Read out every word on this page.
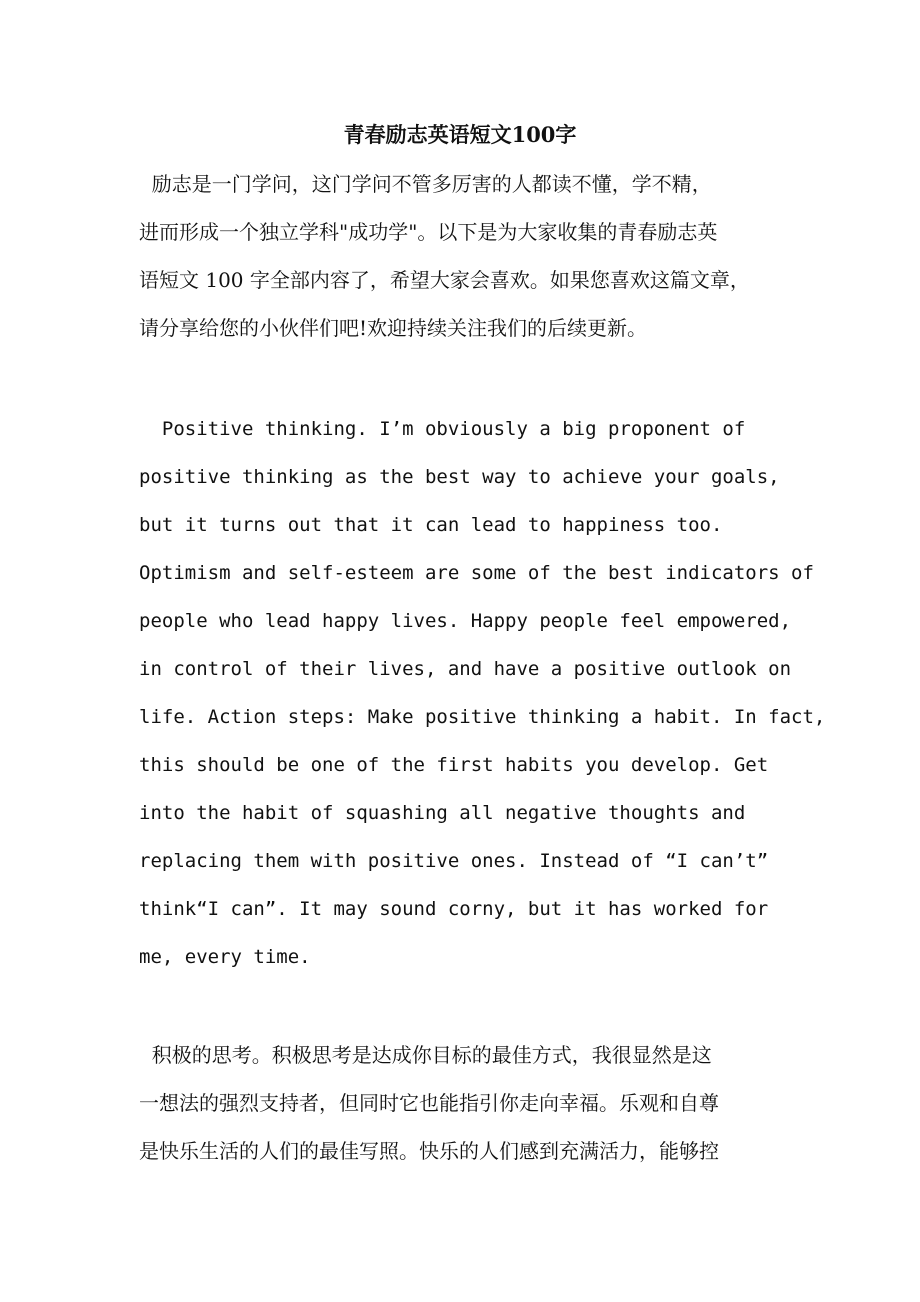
青春励志英语短文100字

励志是一门学问，这门学问不管多厉害的人都读不懂，学不精，

进而形成一个独立学科"成功学"。以下是为大家收集的青春励志英

语短文 100 字全部内容了，希望大家会喜欢。如果您喜欢这篇文章，

请分享给您的小伙伴们吧!欢迎持续关注我们的后续更新。

Positive thinking. I’m obviously a big proponent of

positive thinking as the best way to achieve your goals,

but it turns out that it can lead to happiness too.

Optimism and self-esteem are some of the best indicators of

people who lead happy lives. Happy people feel empowered,

in control of their lives, and have a positive outlook on

life. Action steps: Make positive thinking a habit. In fact,

this should be one of the first habits you develop. Get

into the habit of squashing all negative thoughts and

replacing them with positive ones. Instead of “I can’t”

think“I can”. It may sound corny, but it has worked for

me, every time.

积极的思考。积极思考是达成你目标的最佳方式，我很显然是这

一想法的强烈支持者，但同时它也能指引你走向幸福。乐观和自尊

是快乐生活的人们的最佳写照。快乐的人们感到充满活力，能够控
